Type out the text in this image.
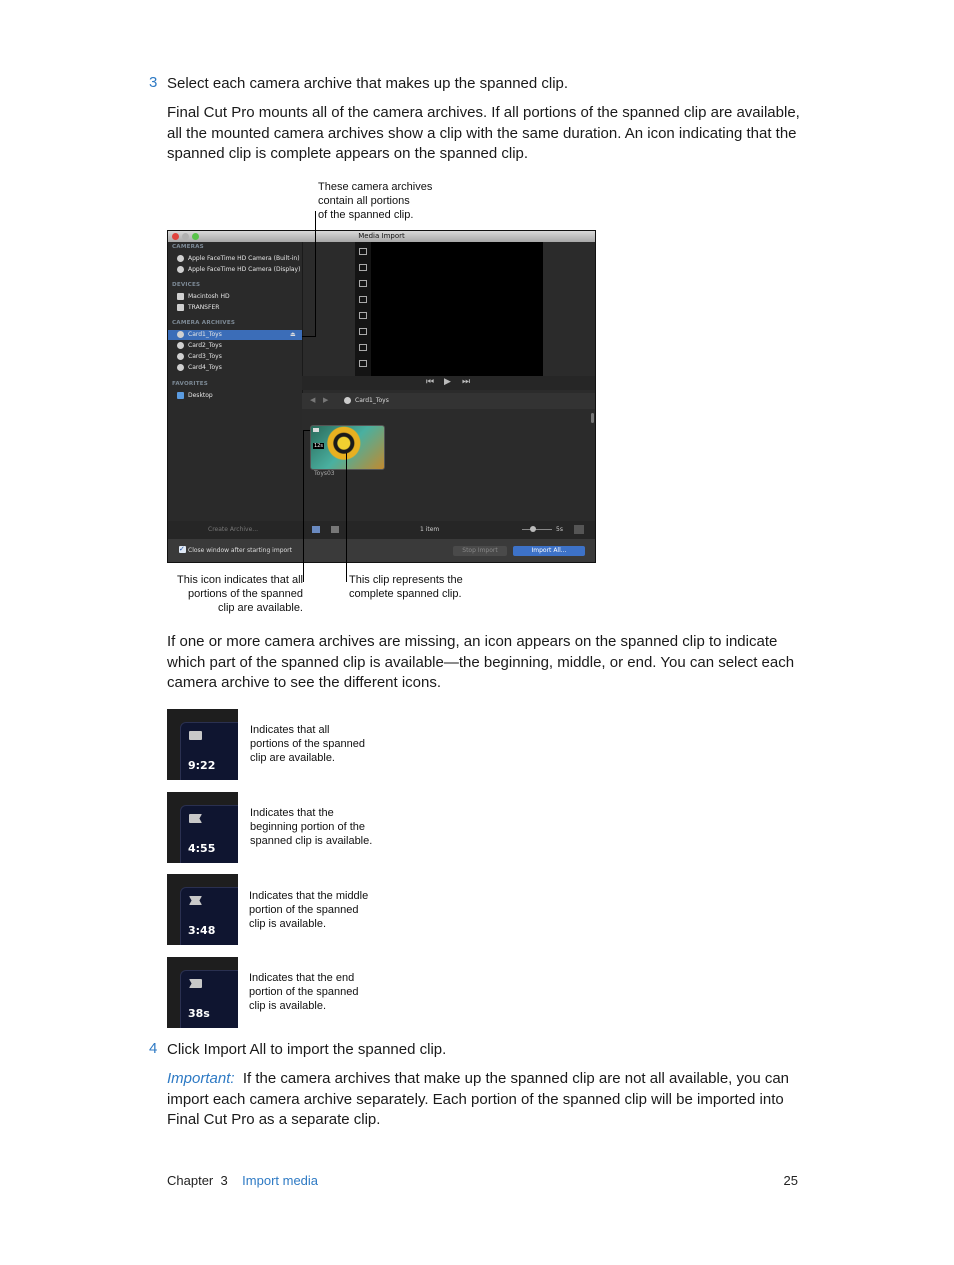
3 Select each camera archive that makes up the spanned clip.
Final Cut Pro mounts all of the camera archives. If all portions of the spanned clip are available,
all the mounted camera archives show a clip with the same duration. An icon indicating that the
spanned clip is complete appears on the spanned clip.
These camera archives
contain all portions
of the spanned clip.
Media Import
CAMERAS
Apple FaceTime HD Camera (Built-in)
Apple FaceTime HD Camera (Display)
DEVICES
Macintosh HD
TRANSFER
CAMERA ARCHIVES
Card1_Toys	⏏
Card2_Toys
Card3_Toys
Card4_Toys
FAVORITES
Desktop
⏮ ▶ ⏭
◀ ▶	Card1_Toys
12s
Toys03
Create Archive...	1 item	5s
✓ Close window after starting import	Stop Import	Import All...
This icon indicates that all
portions of the spanned
clip are available.
This clip represents the
complete spanned clip.
If one or more camera archives are missing, an icon appears on the spanned clip to indicate
which part of the spanned clip is available—the beginning, middle, or end. You can select each
camera archive to see the different icons.
9:22
Indicates that all
portions of the spanned
clip are available.
4:55
Indicates that the
beginning portion of the
spanned clip is available.
3:48
Indicates that the middle
portion of the spanned
clip is available.
38s
Indicates that the end
portion of the spanned
clip is available.
4 Click Import All to import the spanned clip.
Important: If the camera archives that make up the spanned clip are not all available, you can
import each camera archive separately. Each portion of the spanned clip will be imported into
Final Cut Pro as a separate clip.
Chapter 3 Import media	25
